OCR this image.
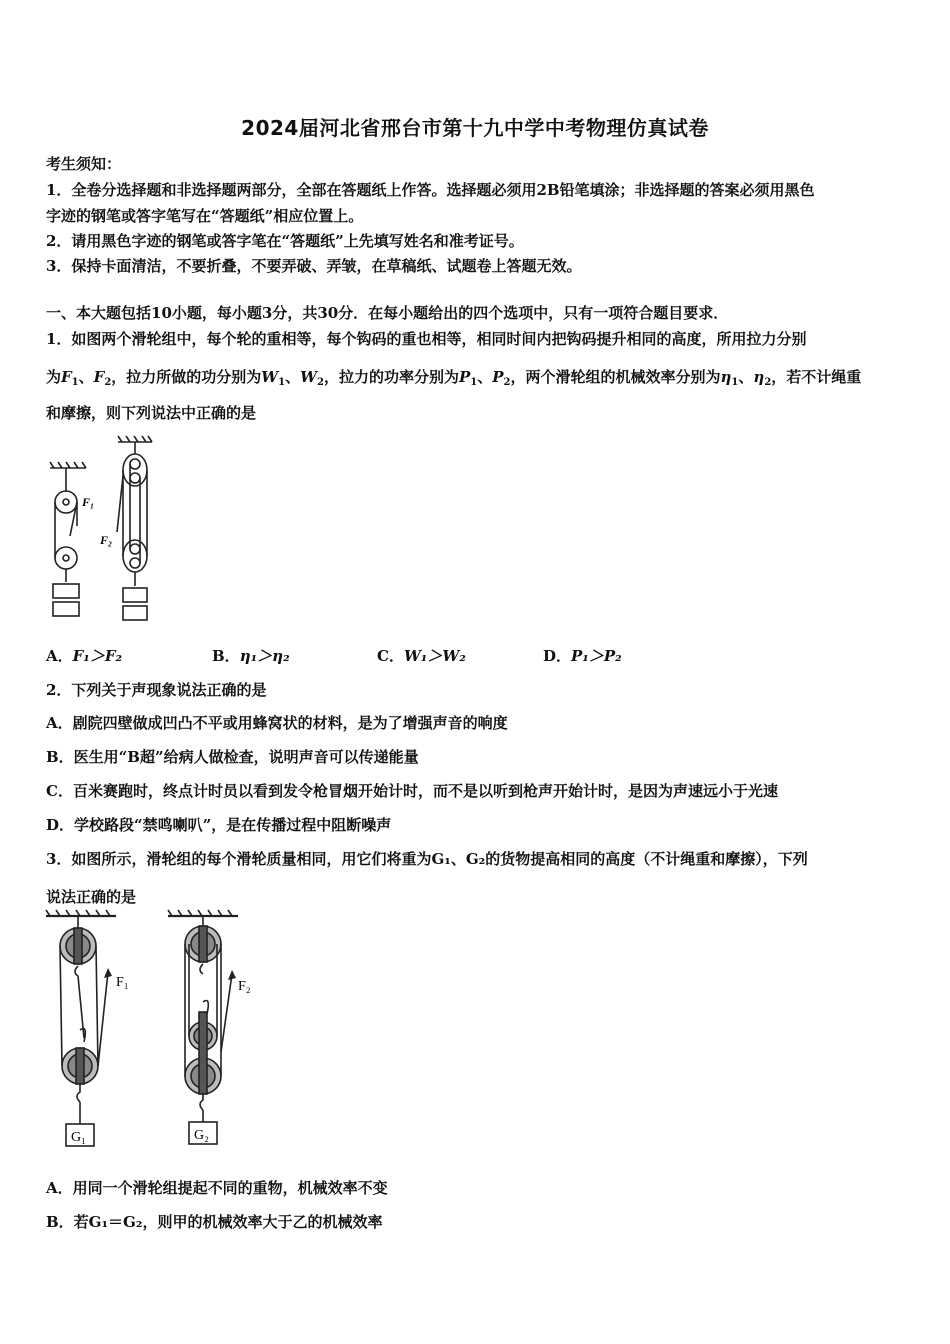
2024届河北省邢台市第十九中学中考物理仿真试卷
考生须知：
1．全卷分选择题和非选择题两部分，全部在答题纸上作答。选择题必须用2B铅笔填涂；非选择题的答案必须用黑色
字迹的钢笔或答字笔写在“答题纸”相应位置上。
2．请用黑色字迹的钢笔或答字笔在“答题纸”上先填写姓名和准考证号。
3．保持卡面清洁，不要折叠，不要弄破、弄皱，在草稿纸、试题卷上答题无效。
一、本大题包括10小题，每小题3分，共30分．在每小题给出的四个选项中，只有一项符合题目要求．
1．如图两个滑轮组中，每个轮的重相等，每个钩码的重也相等，相同时间内把钩码提升相同的高度，所用拉力分别
为$F_1$、$F_2$，拉力所做的功分别为$W_1$、$W_2$，拉力的功率分别为$P_1$、$P_2$，两个滑轮组的机械效率分别为$\eta_1$、$\eta_2$，若不计绳重
和摩擦，则下列说法中正确的是
F₁
F₂
A．F₁＞F₂	B．η₁＞η₂	C．W₁＞W₂	D．P₁＞P₂
2．下列关于声现象说法正确的是
A．剧院四壁做成凹凸不平或用蜂窝状的材料，是为了增强声音的响度
B．医生用“B超”给病人做检查，说明声音可以传递能量
C．百米赛跑时，终点计时员以看到发令枪冒烟开始计时，而不是以听到枪声开始计时，是因为声速远小于光速
D．学校路段“禁鸣喇叭”，是在传播过程中阻断噪声
3．如图所示，滑轮组的每个滑轮质量相同，用它们将重为G₁、G₂的货物提高相同的高度（不计绳重和摩擦），下列
说法正确的是
F₁	F₂
G₁	G₂
A．用同一个滑轮组提起不同的重物，机械效率不变
B．若G₁＝G₂，则甲的机械效率大于乙的机械效率
